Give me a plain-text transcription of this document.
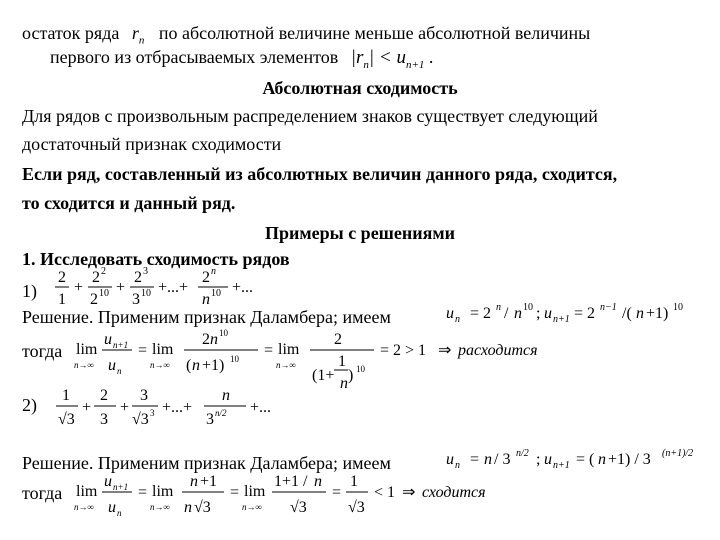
остаток ряда $r_n$ по абсолютной величине меньше абсолютной величины
первого из отбрасываемых элементов $|r_n| < u_{n+1}$ .
Абсолютная сходимость
Для рядов с произвольным распределением знаков существует следующий
достаточный признак сходимости
Если ряд, составленный из абсолютных величин данного ряда, сходится,
то сходится и данный ряд.
Примеры с решениями
1. Исследовать сходимость рядов
1)
2
1
+
2 2
2 10 +
2 3
3 10 +...+
2 n
n 10 +...
Решение. Применим признак Даламбера; имеем	u n = 2 n / n 10 ; u n+1 = 2 n−1 /( n +1) 10
тогда lim
n→∞
u n+1
u n
= lim
n→∞
2 n 10
( n +1) 10 = lim
n→∞
2
1
(1+ n ) 10
= 2 > 1 ⇒ расходится
2) 1
√3
+
2
3
+
3
√3 3 +...+
n
3 n/2 +...
Решение. Применим признак Даламбера; имеем	u n = n / 3 n/2 ; u n+1 = ( n +1) / 3 (n+1)/2
тогда lim
n→∞
u n+1
u n
= lim
n→∞
n +1
n √3
= lim
n→∞
1+1 / n
√3
=
1
√3
< 1 ⇒ сходится
